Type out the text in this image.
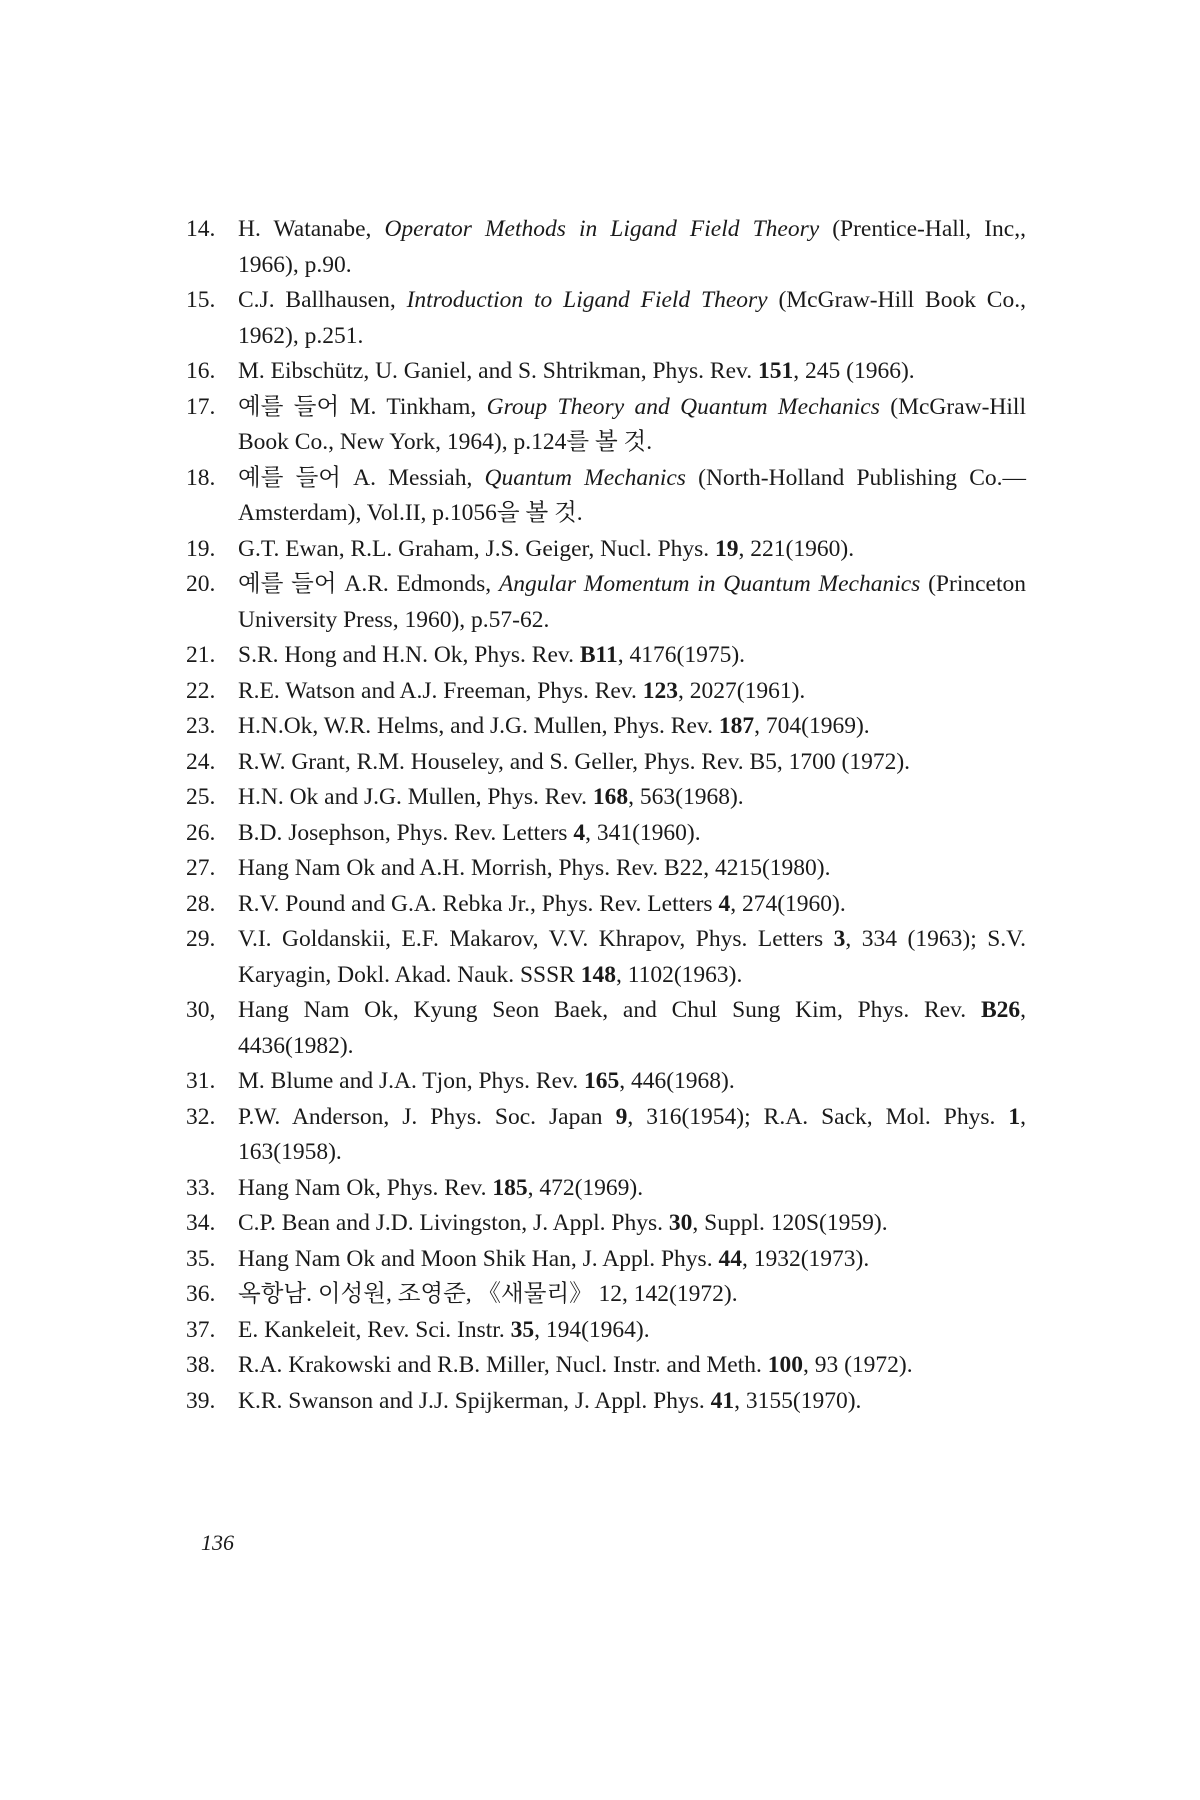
14. H. Watanabe, Operator Methods in Ligand Field Theory (Prentice-Hall, Inc,, 1966), p.90.
15. C.J. Ballhausen, Introduction to Ligand Field Theory (McGraw-Hill Book Co., 1962), p.251.
16. M. Eibschütz, U. Ganiel, and S. Shtrikman, Phys. Rev. 151, 245 (1966).
17. 예를 들어 M. Tinkham, Group Theory and Quantum Mechanics (McGraw-Hill Book Co., New York, 1964), p.124를 볼 것.
18. 예를 들어 A. Messiah, Quantum Mechanics (North-Holland Publishing Co.—Amsterdam), Vol.II, p.1056을 볼 것.
19. G.T. Ewan, R.L. Graham, J.S. Geiger, Nucl. Phys. 19, 221(1960).
20. 예를 들어 A.R. Edmonds, Angular Momentum in Quantum Mechanics (Princeton University Press, 1960), p.57-62.
21. S.R. Hong and H.N. Ok, Phys. Rev. B11, 4176(1975).
22. R.E. Watson and A.J. Freeman, Phys. Rev. 123, 2027(1961).
23. H.N.Ok, W.R. Helms, and J.G. Mullen, Phys. Rev. 187, 704(1969).
24. R.W. Grant, R.M. Houseley, and S. Geller, Phys. Rev. B5, 1700 (1972).
25. H.N. Ok and J.G. Mullen, Phys. Rev. 168, 563(1968).
26. B.D. Josephson, Phys. Rev. Letters 4, 341(1960).
27. Hang Nam Ok and A.H. Morrish, Phys. Rev. B22, 4215(1980).
28. R.V. Pound and G.A. Rebka Jr., Phys. Rev. Letters 4, 274(1960).
29. V.I. Goldanskii, E.F. Makarov, V.V. Khrapov, Phys. Letters 3, 334 (1963); S.V. Karyagin, Dokl. Akad. Nauk. SSSR 148, 1102(1963).
30, Hang Nam Ok, Kyung Seon Baek, and Chul Sung Kim, Phys. Rev. B26, 4436(1982).
31. M. Blume and J.A. Tjon, Phys. Rev. 165, 446(1968).
32. P.W. Anderson, J. Phys. Soc. Japan 9, 316(1954); R.A. Sack, Mol. Phys. 1, 163(1958).
33. Hang Nam Ok, Phys. Rev. 185, 472(1969).
34. C.P. Bean and J.D. Livingston, J. Appl. Phys. 30, Suppl. 120S(1959).
35. Hang Nam Ok and Moon Shik Han, J. Appl. Phys. 44, 1932(1973).
36. 옥항남. 이성원, 조영준, 《새물리》 12, 142(1972).
37. E. Kankeleit, Rev. Sci. Instr. 35, 194(1964).
38. R.A. Krakowski and R.B. Miller, Nucl. Instr. and Meth. 100, 93 (1972).
39. K.R. Swanson and J.J. Spijkerman, J. Appl. Phys. 41, 3155(1970).
136
